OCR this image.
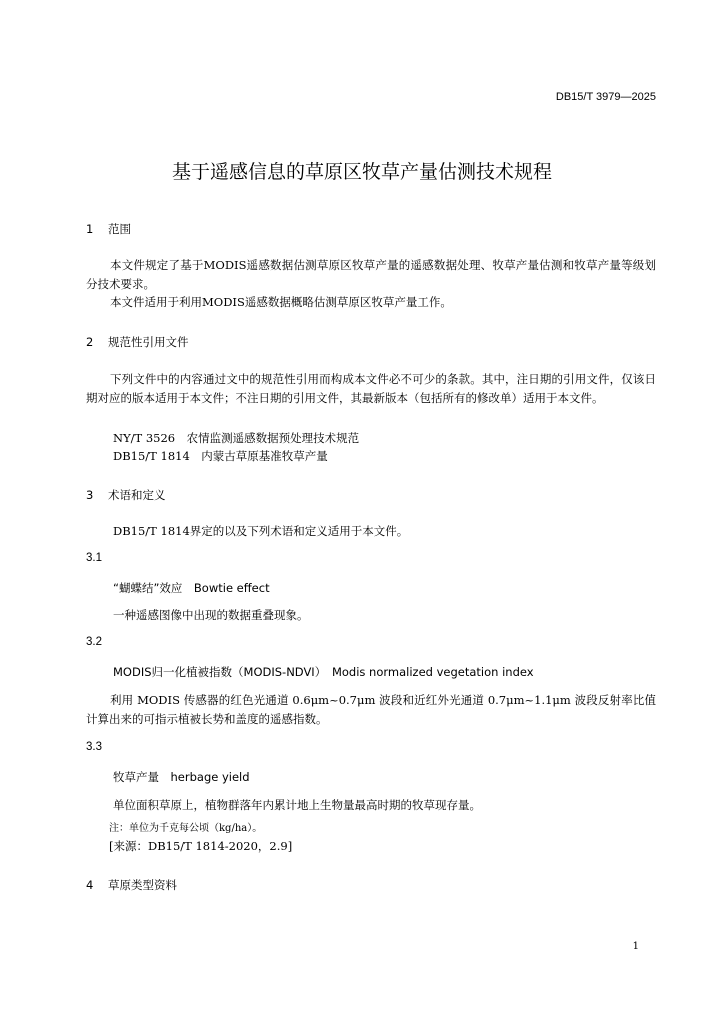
DB15/T 3979—2025
基于遥感信息的草原区牧草产量估测技术规程
1 范围
本文件规定了基于MODIS遥感数据估测草原区牧草产量的遥感数据处理、牧草产量估测和牧草产量等级划分技术要求。
本文件适用于利用MODIS遥感数据概略估测草原区牧草产量工作。
2 规范性引用文件
下列文件中的内容通过文中的规范性引用而构成本文件必不可少的条款。其中，注日期的引用文件，仅该日期对应的版本适用于本文件；不注日期的引用文件，其最新版本（包括所有的修改单）适用于本文件。
NY/T 3526　农情监测遥感数据预处理技术规范
DB15/T 1814　内蒙古草原基准牧草产量
3 术语和定义
DB15/T 1814界定的以及下列术语和定义适用于本文件。
3.1
“蝴蝶结”效应　Bowtie effect
一种遥感图像中出现的数据重叠现象。
3.2
MODIS归一化植被指数（MODIS-NDVI）　Modis normalized vegetation index
利用 MODIS 传感器的红色光通道 0.6μm~0.7μm 波段和近红外光通道 0.7μm~1.1μm 波段反射率比值计算出来的可指示植被长势和盖度的遥感指数。
3.3
牧草产量　herbage yield
单位面积草原上，植物群落年内累计地上生物量最高时期的牧草现存量。
注：单位为千克每公顷（kg/ha）。
[来源：DB15/T 1814-2020，2.9]
4 草原类型资料
1
